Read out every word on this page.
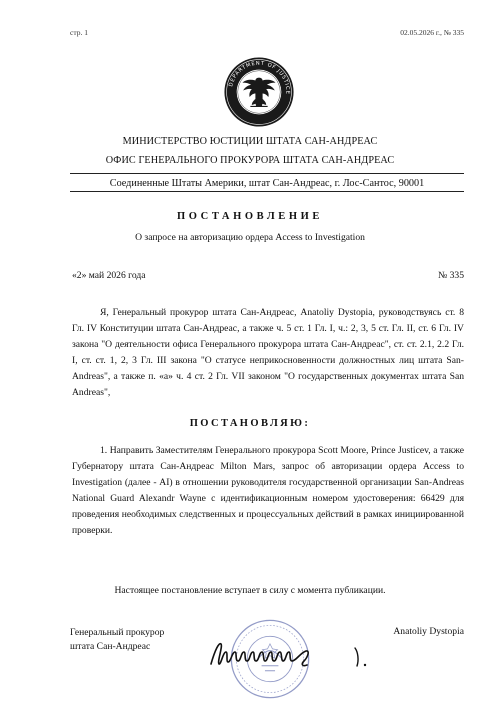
стр. 1	02.05.2026 г., № 335
DEPARTMENT OF JUSTICE
МИНИСТЕРСТВО ЮСТИЦИИ ШТАТА САН-АНДРЕАС
ОФИС ГЕНЕРАЛЬНОГО ПРОКУРОРА ШТАТА САН-АНДРЕАС
Соединенные Штаты Америки, штат Сан-Андреас, г. Лос-Сантос, 90001
ПОСТАНОВЛЕНИЕ
О запросе на авторизацию ордера Access to Investigation
«2» май 2026 года	№ 335

Я, Генеральный прокурор штата Сан-Андреас, Anatoliy Dystopia, руководствуясь ст. 8 Гл. IV Конституции штата Сан-Андреас, а также ч. 5 ст. 1 Гл. I, ч.: 2, 3, 5 ст. Гл. II, ст. 6 Гл. IV закона "О деятельности офиса Генерального прокурора штата Сан-Андреас", ст. ст. 2.1, 2.2 Гл. I, ст. ст. 1, 2, 3 Гл. III закона "О статусе неприкосновенности должностных лиц штата San-Andreas", а также п. «а» ч. 4 ст. 2 Гл. VII законом "О государственных документах штата San Andreas",

ПОСТАНОВЛЯЮ:

1. Направить Заместителям Генерального прокурора Scott Moore, Prince Justicev, а также Губернатору штата Сан-Андреас Milton Mars, запрос об авторизации ордера Access to Investigation (далее - AI) в отношении руководителя государственной организации San-Andreas National Guard Alexandr Wayne с идентификационным номером удостоверения: 66429 для проведения необходимых следственных и процессуальных действий в рамках инициированной проверки.

Настоящее постановление вступает в силу с момента публикации.
Генеральный прокурор
штата Сан-Андреас
Anatoliy Dystopia
